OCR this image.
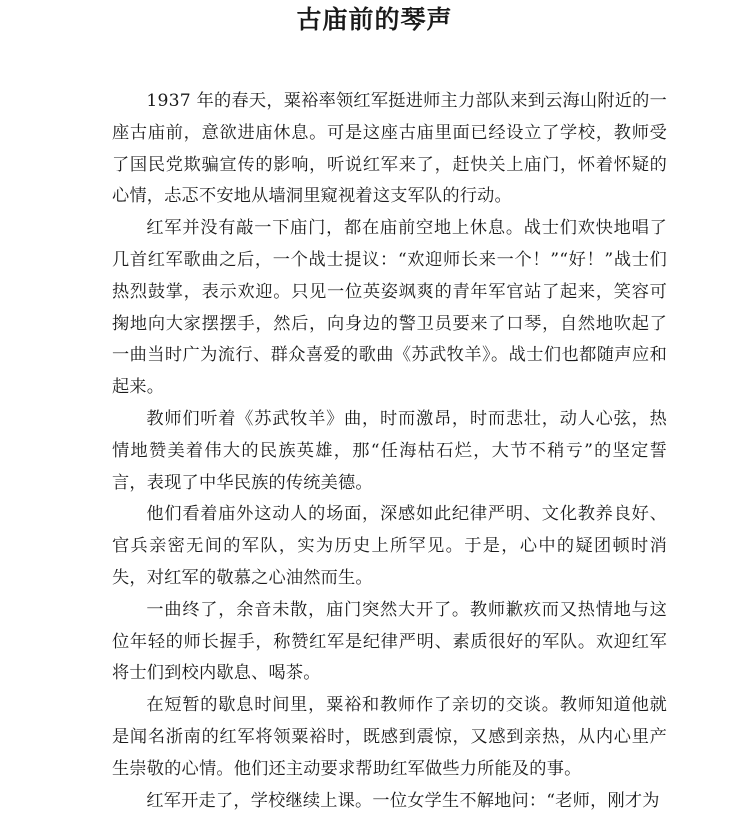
古庙前的琴声

1937 年的春天，粟裕率领红军挺进师主力部队来到云海山附近的一座古庙前，意欲进庙休息。可是这座古庙里面已经设立了学校，教师受了国民党欺骗宣传的影响，听说红军来了，赶快关上庙门，怀着怀疑的心情，忐忑不安地从墙洞里窥视着这支军队的行动。

红军并没有敲一下庙门，都在庙前空地上休息。战士们欢快地唱了几首红军歌曲之后，一个战士提议：“欢迎师长来一个！”“好！”战士们热烈鼓掌，表示欢迎。只见一位英姿飒爽的青年军官站了起来，笑容可掬地向大家摆摆手，然后，向身边的警卫员要来了口琴，自然地吹起了一曲当时广为流行、群众喜爱的歌曲《苏武牧羊》。战士们也都随声应和起来。

教师们听着《苏武牧羊》曲，时而激昂，时而悲壮，动人心弦，热情地赞美着伟大的民族英雄，那“任海枯石烂，大节不稍亏”的坚定誓言，表现了中华民族的传统美德。

他们看着庙外这动人的场面，深感如此纪律严明、文化教养良好、官兵亲密无间的军队，实为历史上所罕见。于是，心中的疑团顿时消失，对红军的敬慕之心油然而生。

一曲终了，余音未散，庙门突然大开了。教师歉疚而又热情地与这位年轻的师长握手，称赞红军是纪律严明、素质很好的军队。欢迎红军将士们到校内歇息、喝茶。

在短暂的歇息时间里，粟裕和教师作了亲切的交谈。教师知道他就是闻名浙南的红军将领粟裕时，既感到震惊，又感到亲热，从内心里产生崇敬的心情。他们还主动要求帮助红军做些力所能及的事。

红军开走了，学校继续上课。一位女学生不解地问：“老师，刚才为
